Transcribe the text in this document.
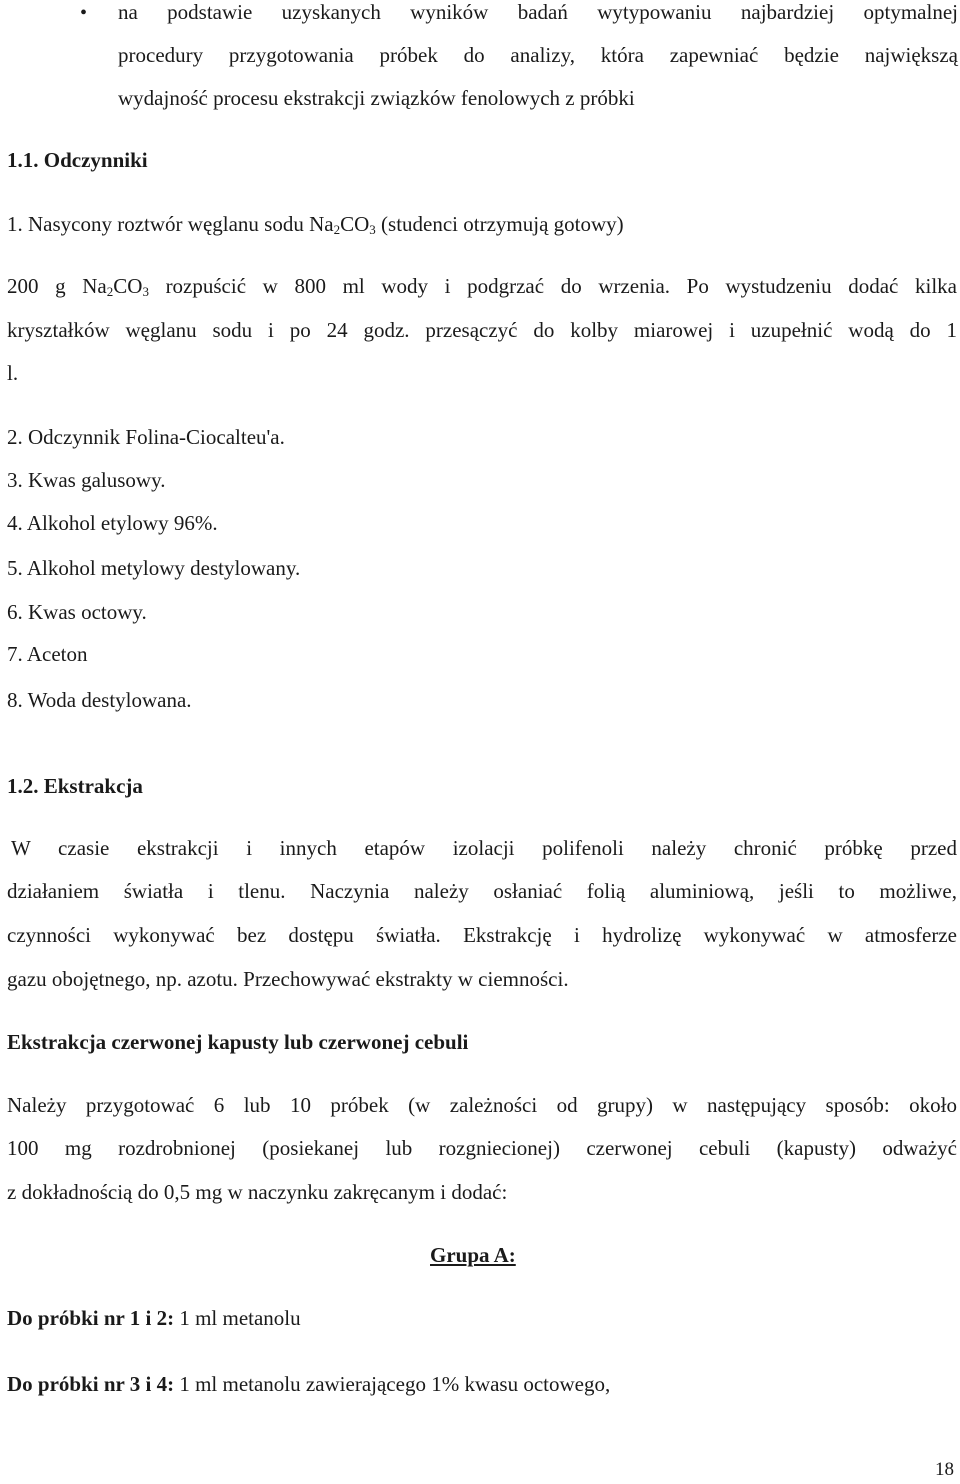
• na podstawie uzyskanych wyników badań wytypowaniu najbardziej optymalnej
procedury przygotowania próbek do analizy, która zapewniać będzie największą
wydajność procesu ekstrakcji związków fenolowych z próbki
1.1. Odczynniki
1. Nasycony roztwór węglanu sodu $Na_2CO_3$ (studenci otrzymują gotowy)
200 g $Na_2CO_3$ rozpuścić w 800 ml wody i podgrzać do wrzenia. Po wystudzeniu dodać kilka
kryształków węglanu sodu i po 24 godz. przesączyć do kolby miarowej i uzupełnić wodą do 1
l.
2. Odczynnik Folina-Ciocalteu'a.
3. Kwas galusowy.
4. Alkohol etylowy 96%.
5. Alkohol metylowy destylowany.
6. Kwas octowy.
7. Aceton
8. Woda destylowana.
1.2. Ekstrakcja
W czasie ekstrakcji i innych etapów izolacji polifenoli należy chronić próbkę przed
działaniem światła i tlenu. Naczynia należy osłaniać folią aluminiową, jeśli to możliwe,
czynności wykonywać bez dostępu światła. Ekstrakcję i hydrolizę wykonywać w atmosferze
gazu obojętnego, np. azotu. Przechowywać ekstrakty w ciemności.
Ekstrakcja czerwonej kapusty lub czerwonej cebuli
Należy przygotować 6 lub 10 próbek (w zależności od grupy) w następujący sposób: około
100 mg rozdrobnionej (posiekanej lub rozgniecionej) czerwonej cebuli (kapusty) odważyć
z dokładnością do 0,5 mg w naczynku zakręcanym i dodać:
Grupa A:
Do próbki nr 1 i 2: 1 ml metanolu
Do próbki nr 3 i 4: 1 ml metanolu zawierającego 1% kwasu octowego,
18
